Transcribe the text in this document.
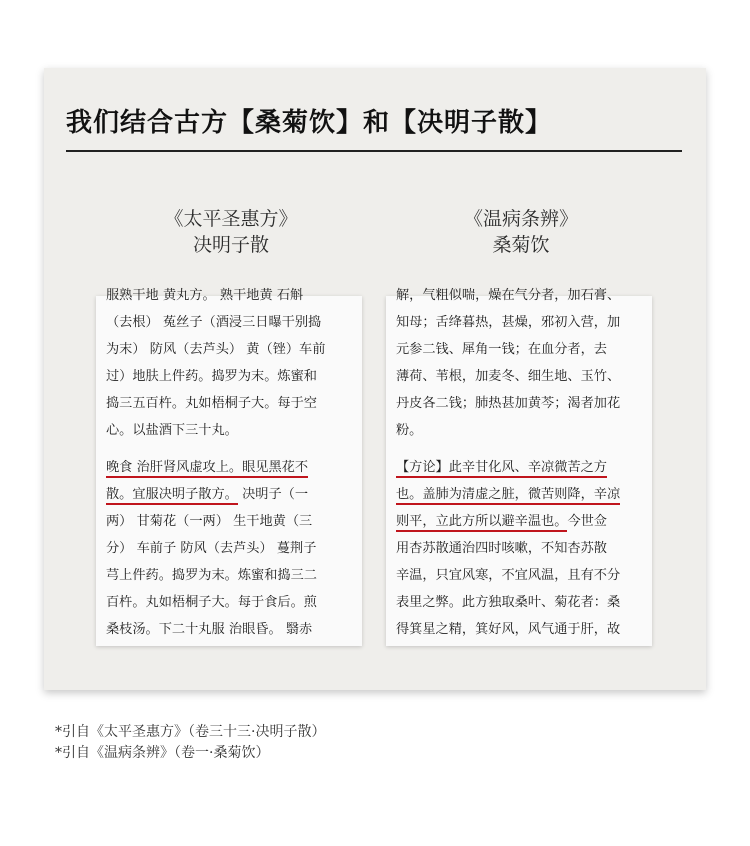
我们结合古方【桑菊饮】和【决明子散】
《太平圣惠方》
决明子散
《温病条辨》
桑菊饮
服熟干地 黄丸方。 熟干地黄 石斛
（去根） 菟丝子（酒浸三日曝干别捣
为末） 防风（去芦头） 黄（锉）车前
过）地肤上件药。捣罗为末。炼蜜和
捣三五百杵。丸如梧桐子大。每于空
心。以盐酒下三十丸。
晚食 治肝肾风虚攻上。眼见黑花不
散。宜服决明子散方。 决明子（一
两） 甘菊花（一两） 生干地黄（三
分） 车前子 防风（去芦头） 蔓荆子
芎上件药。捣罗为末。炼蜜和捣三二
百杵。丸如梧桐子大。每于食后。煎
桑枝汤。下二十丸服 治眼昏。 翳赤
解，气粗似喘，燥在气分者，加石膏、
知母；舌绛暮热，甚燥，邪初入营，加
元参二钱、犀角一钱；在血分者，去
薄荷、苇根，加麦冬、细生地、玉竹、
丹皮各二钱；肺热甚加黄芩；渴者加花
粉。
【方论】此辛甘化风、辛凉微苦之方
也。盖肺为清虚之脏，微苦则降，辛凉
则平，立此方所以避辛温也。今世佥
用杏苏散通治四时咳嗽，不知杏苏散
辛温，只宜风寒，不宜风温，且有不分
表里之弊。此方独取桑叶、菊花者：桑
得箕星之精，箕好风，风气通于肝，故
*引自《太平圣惠方》（卷三十三·决明子散）
*引自《温病条辨》（卷一·桑菊饮）
